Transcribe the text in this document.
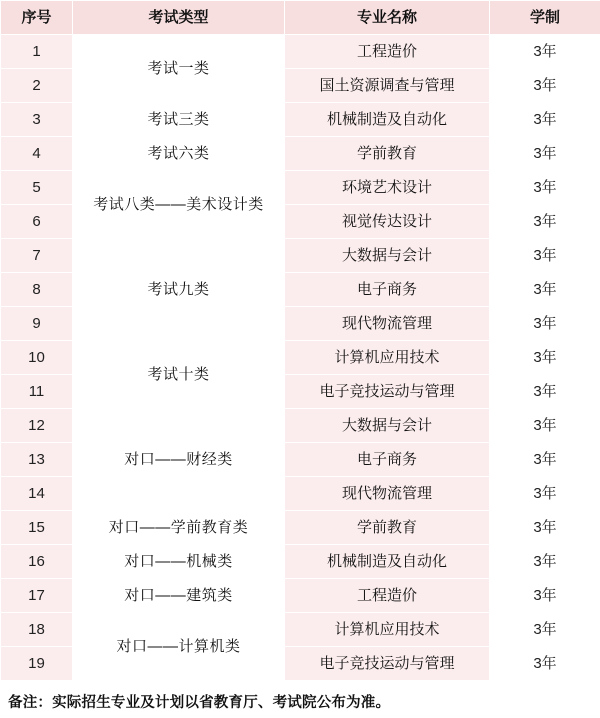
序号	考试类型	专业名称	学制
1	考试一类	工程造价	3年
2		国土资源调查与管理	3年
3	考试三类	机械制造及自动化	3年
4	考试六类	学前教育	3年
5	考试八类――美术设计类	环境艺术设计	3年
6		视觉传达设计	3年
7	考试九类	大数据与会计	3年
8		电子商务	3年
9		现代物流管理	3年
10	考试十类	计算机应用技术	3年
11		电子竞技运动与管理	3年
12	对口――财经类	大数据与会计	3年
13		电子商务	3年
14		现代物流管理	3年
15	对口――学前教育类	学前教育	3年
16	对口――机械类	机械制造及自动化	3年
17	对口――建筑类	工程造价	3年
18	对口――计算机类	计算机应用技术	3年
19		电子竞技运动与管理	3年
备注：实际招生专业及计划以省教育厅、考试院公布为准。
